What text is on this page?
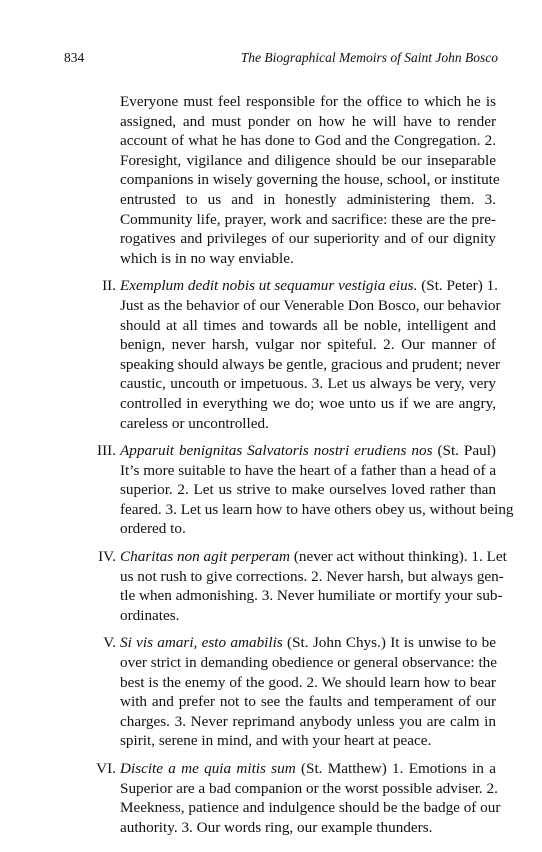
834	The Biographical Memoirs of Saint John Bosco
Everyone must feel responsible for the office to which he is
assigned, and must ponder on how he will have to render
account of what he has done to God and the Congregation. 2.
Foresight, vigilance and diligence should be our inseparable
companions in wisely governing the house, school, or institute
entrusted to us and in honestly administering them. 3.
Community life, prayer, work and sacrifice: these are the pre-
rogatives and privileges of our superiority and of our dignity
which is in no way enviable.
II. Exemplum dedit nobis ut sequamur vestigia eius. (St. Peter) 1.
Just as the behavior of our Venerable Don Bosco, our behavior
should at all times and towards all be noble, intelligent and
benign, never harsh, vulgar nor spiteful. 2. Our manner of
speaking should always be gentle, gracious and prudent; never
caustic, uncouth or impetuous. 3. Let us always be very, very
controlled in everything we do; woe unto us if we are angry,
careless or uncontrolled.
III. Apparuit benignitas Salvatoris nostri erudiens nos (St. Paul)
It’s more suitable to have the heart of a father than a head of a
superior. 2. Let us strive to make ourselves loved rather than
feared. 3. Let us learn how to have others obey us, without being
ordered to.
IV. Charitas non agit perperam (never act without thinking). 1. Let
us not rush to give corrections. 2. Never harsh, but always gen-
tle when admonishing. 3. Never humiliate or mortify your sub-
ordinates.
V. Si vis amari, esto amabilis (St. John Chys.) It is unwise to be
over strict in demanding obedience or general observance: the
best is the enemy of the good. 2. We should learn how to bear
with and prefer not to see the faults and temperament of our
charges. 3. Never reprimand anybody unless you are calm in
spirit, serene in mind, and with your heart at peace.
VI. Discite a me quia mitis sum (St. Matthew) 1. Emotions in a
Superior are a bad companion or the worst possible adviser. 2.
Meekness, patience and indulgence should be the badge of our
authority. 3. Our words ring, our example thunders.
